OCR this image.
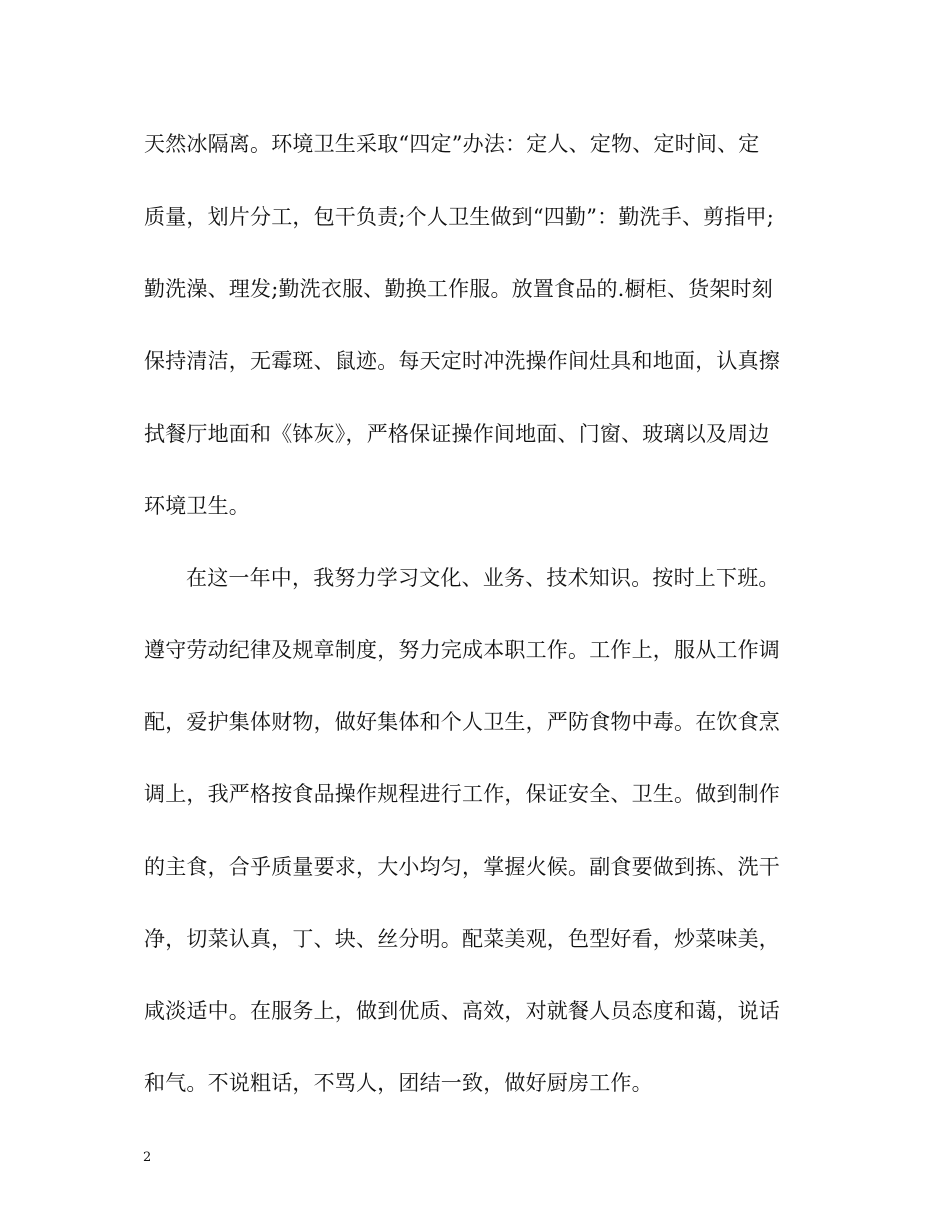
天然冰隔离。环境卫生采取“四定”办法：定人、定物、定时间、定
质量，划片分工，包干负责;个人卫生做到“四勤”：勤洗手、剪指甲;
勤洗澡、理发;勤洗衣服、勤换工作服。放置食品的.橱柜、货架时刻
保持清洁，无霉斑、鼠迹。每天定时冲洗操作间灶具和地面，认真擦
拭餐厅地面和《钵灰》，严格保证操作间地面、门窗、玻璃以及周边
环境卫生。
在这一年中，我努力学习文化、业务、技术知识。按时上下班。
遵守劳动纪律及规章制度，努力完成本职工作。工作上，服从工作调
配，爱护集体财物，做好集体和个人卫生，严防食物中毒。在饮食烹
调上，我严格按食品操作规程进行工作，保证安全、卫生。做到制作
的主食，合乎质量要求，大小均匀，掌握火候。副食要做到拣、洗干
净，切菜认真，丁、块、丝分明。配菜美观，色型好看，炒菜味美，
咸淡适中。在服务上，做到优质、高效，对就餐人员态度和蔼，说话
和气。不说粗话，不骂人，团结一致，做好厨房工作。
2
